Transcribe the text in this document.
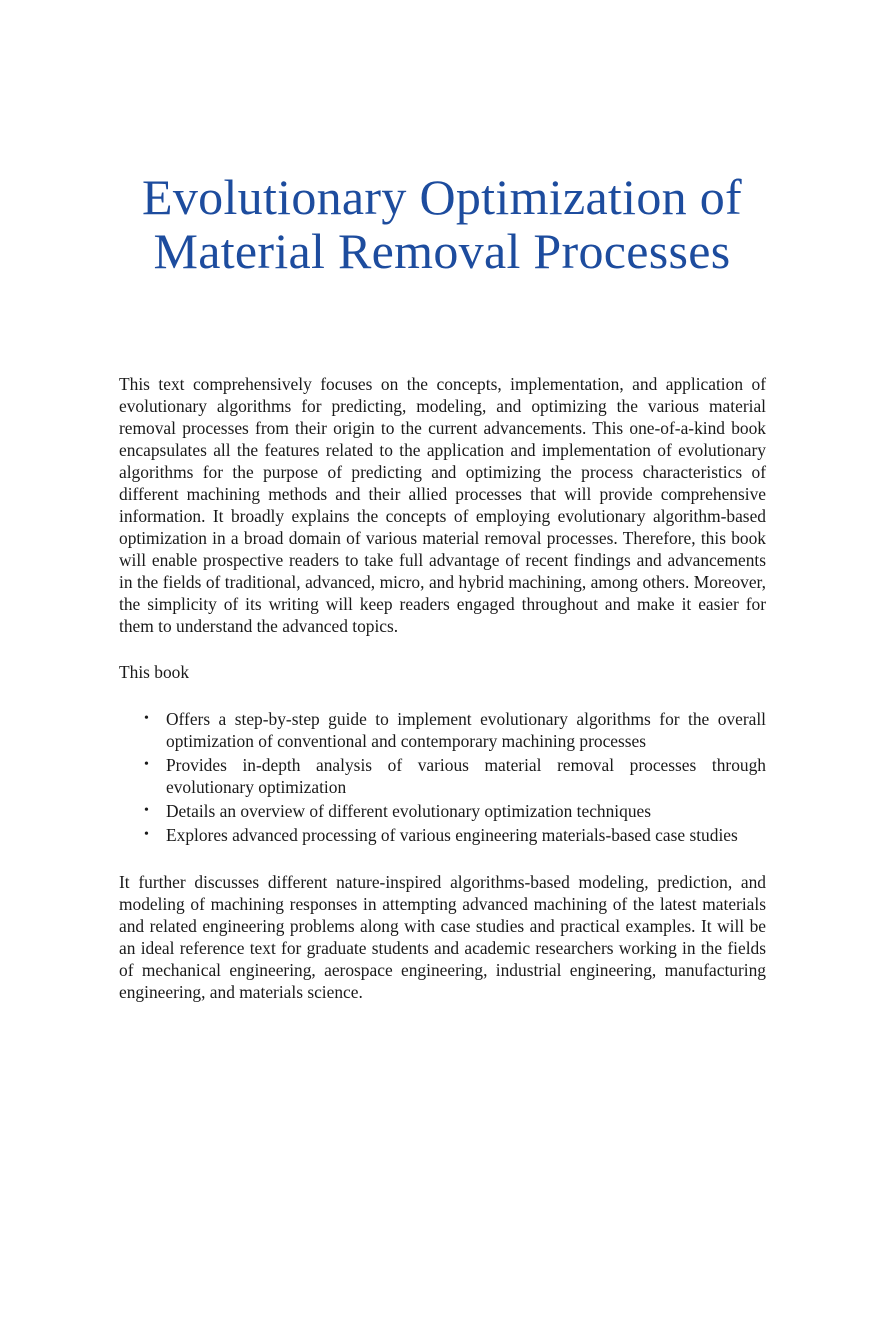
Evolutionary Optimization of
Material Removal Processes

This text comprehensively focuses on the concepts, implementation, and application of evolutionary algorithms for predicting, modeling, and optimizing the various material removal processes from their origin to the current advancements. This one-of-a-kind book encapsulates all the features related to the application and implementation of evolutionary algorithms for the purpose of predicting and optimizing the process characteristics of different machining methods and their allied processes that will provide comprehensive information. It broadly explains the concepts of employing evolutionary algorithm-based optimization in a broad domain of various material removal processes. Therefore, this book will enable prospective readers to take full advantage of recent findings and advancements in the fields of traditional, advanced, micro, and hybrid machining, among others. Moreover, the simplicity of its writing will keep readers engaged throughout and make it easier for them to understand the advanced topics.

This book

• Offers a step-by-step guide to implement evolutionary algorithms for the overall optimization of conventional and contemporary machining processes
• Provides in-depth analysis of various material removal processes through evolutionary optimization
• Details an overview of different evolutionary optimization techniques
• Explores advanced processing of various engineering materials-based case studies

It further discusses different nature-inspired algorithms-based modeling, prediction, and modeling of machining responses in attempting advanced machining of the latest materials and related engineering problems along with case studies and practical examples. It will be an ideal reference text for graduate students and academic researchers working in the fields of mechanical engineering, aerospace engineering, industrial engineering, manufacturing engineering, and materials science.
